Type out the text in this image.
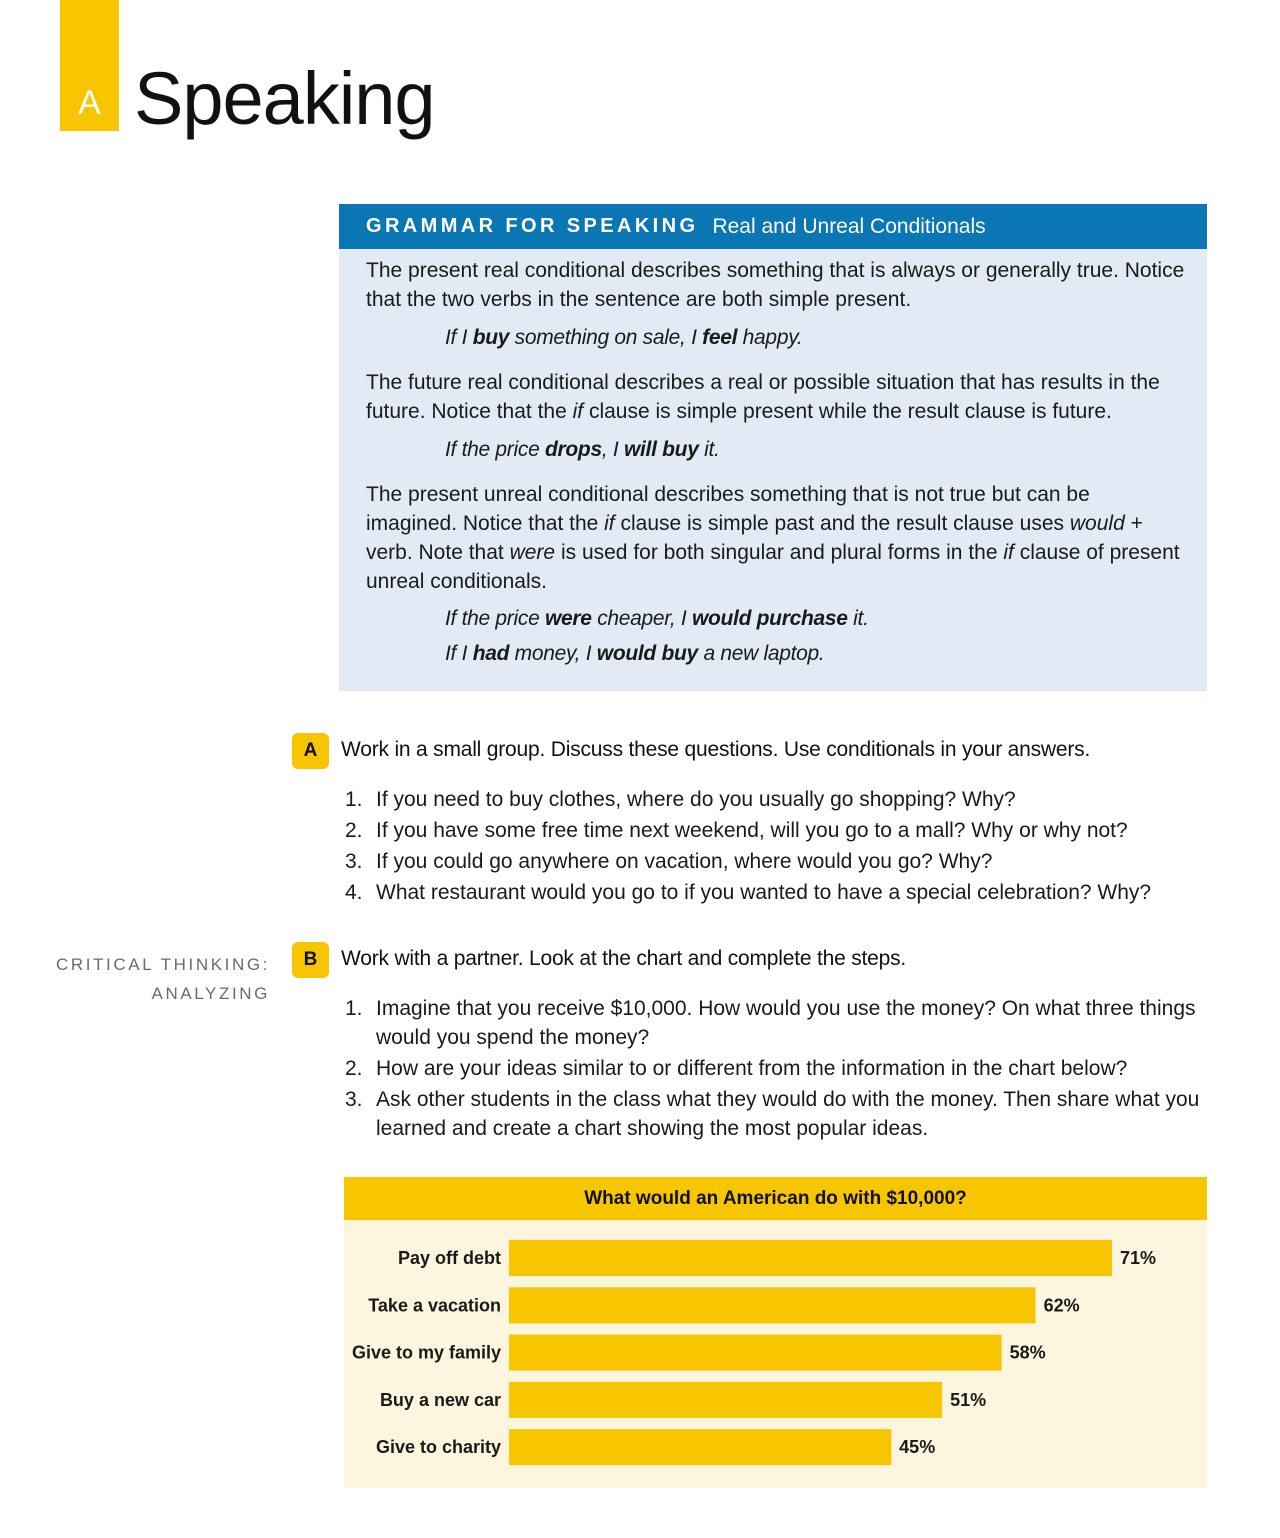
A Speaking
GRAMMAR FOR SPEAKING Real and Unreal Conditionals
The present real conditional describes something that is always or generally true. Notice that the two verbs in the sentence are both simple present.
If I buy something on sale, I feel happy.
The future real conditional describes a real or possible situation that has results in the future. Notice that the if clause is simple present while the result clause is future.
If the price drops, I will buy it.
The present unreal conditional describes something that is not true but can be imagined. Notice that the if clause is simple past and the result clause uses would + verb. Note that were is used for both singular and plural forms in the if clause of present unreal conditionals.
If the price were cheaper, I would purchase it.
If I had money, I would buy a new laptop.
A	Work in a small group. Discuss these questions. Use conditionals in your answers.
1. If you need to buy clothes, where do you usually go shopping? Why?
2. If you have some free time next weekend, will you go to a mall? Why or why not?
3. If you could go anywhere on vacation, where would you go? Why?
4. What restaurant would you go to if you wanted to have a special celebration? Why?
CRITICAL THINKING:
ANALYZING
B	Work with a partner. Look at the chart and complete the steps.
1. Imagine that you receive $10,000. How would you use the money? On what three things would you spend the money?
2. How are your ideas similar to or different from the information in the chart below?
3. Ask other students in the class what they would do with the money. Then share what you learned and create a chart showing the most popular ideas.
What would an American do with $10,000?
Pay off debt	71%
Take a vacation	62%
Give to my family	58%
Buy a new car	51%
Give to charity	45%
